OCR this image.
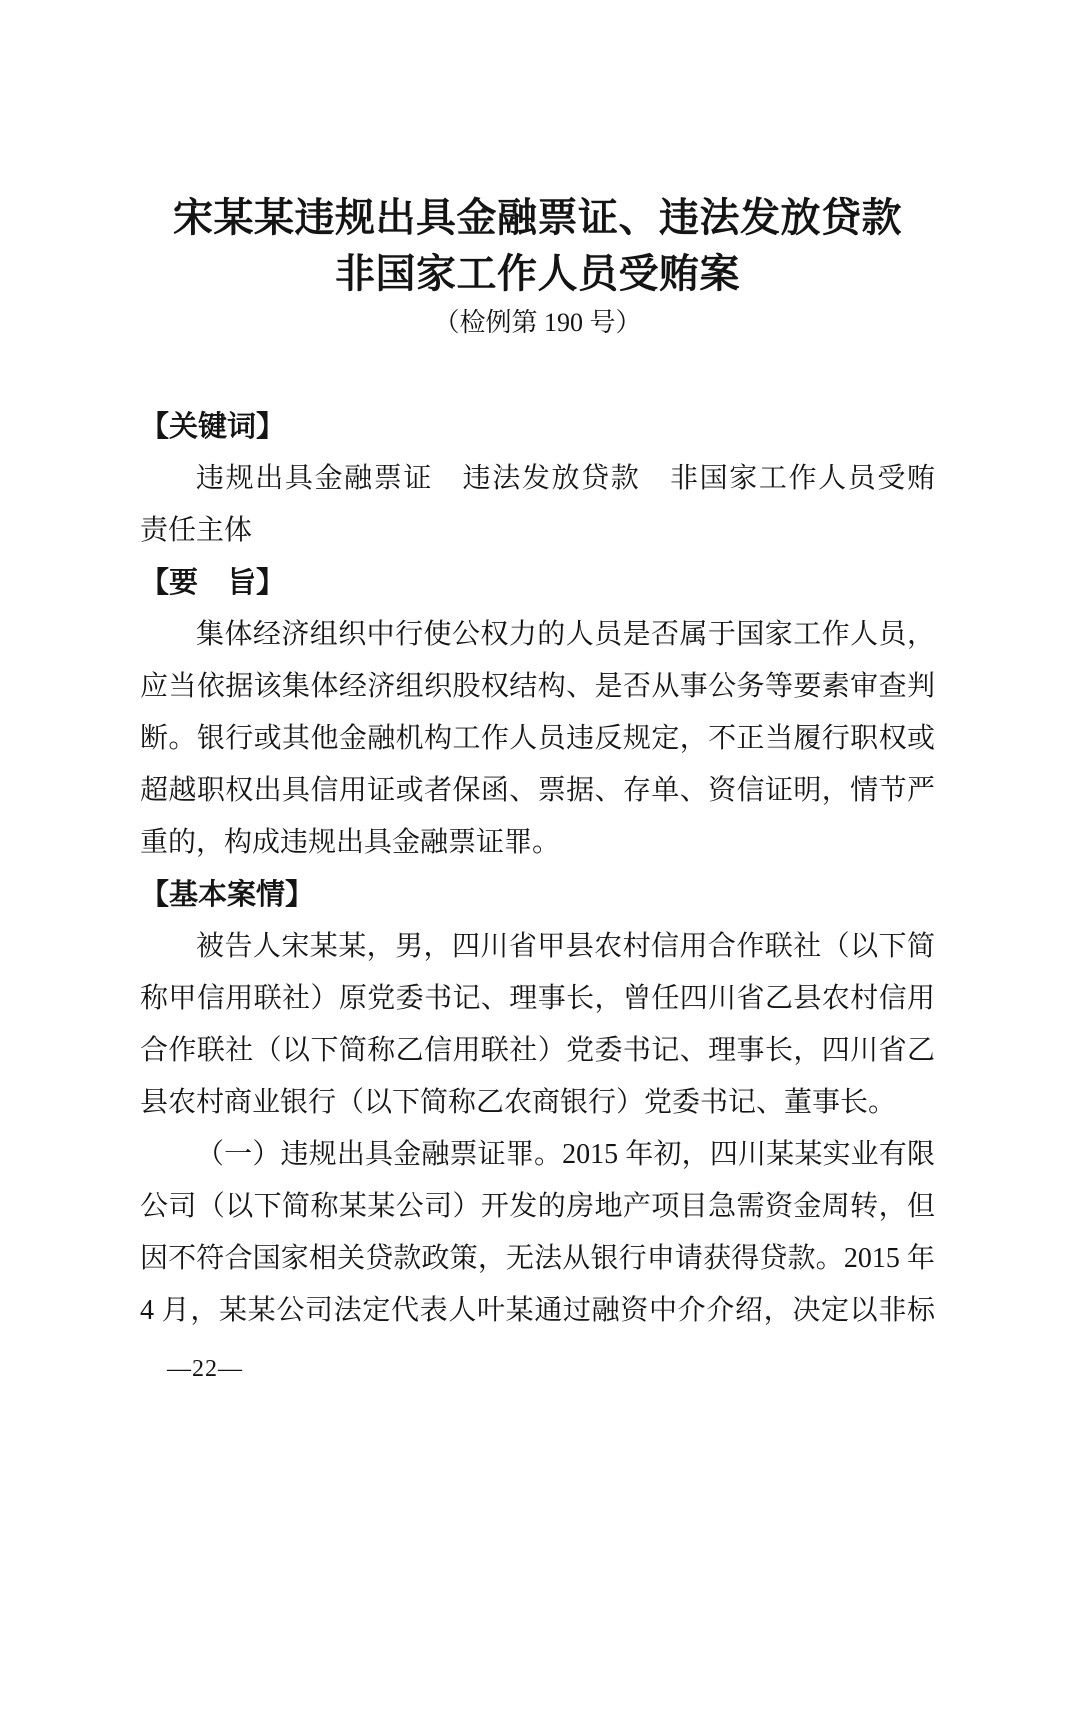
宋某某违规出具金融票证、违法发放贷款
非国家工作人员受贿案
（检例第 190 号）
【关键词】
违规出具金融票证　违法发放贷款　非国家工作人员受贿
责任主体
【要　旨】
集体经济组织中行使公权力的人员是否属于国家工作人员，
应当依据该集体经济组织股权结构、是否从事公务等要素审查判
断。银行或其他金融机构工作人员违反规定，不正当履行职权或
超越职权出具信用证或者保函、票据、存单、资信证明，情节严
重的，构成违规出具金融票证罪。
【基本案情】
被告人宋某某，男，四川省甲县农村信用合作联社（以下简
称甲信用联社）原党委书记、理事长，曾任四川省乙县农村信用
合作联社（以下简称乙信用联社）党委书记、理事长，四川省乙
县农村商业银行（以下简称乙农商银行）党委书记、董事长。
（一）违规出具金融票证罪。2015 年初，四川某某实业有限
公司（以下简称某某公司）开发的房地产项目急需资金周转，但
因不符合国家相关贷款政策，无法从银行申请获得贷款。2015 年
4 月，某某公司法定代表人叶某通过融资中介介绍，决定以非标
—22—
